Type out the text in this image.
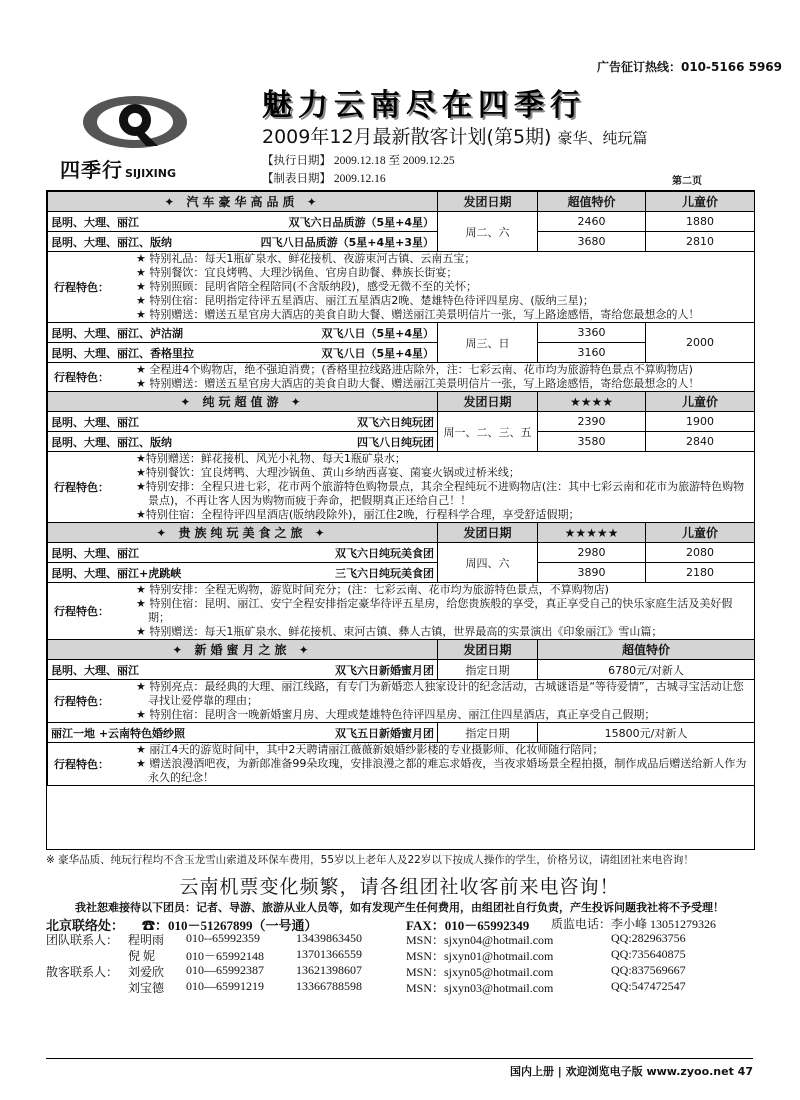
广告征订热线：010-5166 5969
四季行 SIJIXING
魅力云南尽在四季行
2009年12月最新散客计划(第5期) 豪华、纯玩篇
【执行日期】 2009.12.18 至 2009.12.25
【制表日期】 2009.12.16	第二页
✦ 汽车豪华高品质 ✦	发团日期	超值特价	儿童价
昆明、大理、丽江	双飞六日品质游（5星+4星）
	周二、六	2460	1880
昆明、大理、丽江、版纳	四飞八日品质游（5星+4星+3星）	3680	2810

行程特色：	
★ 特别礼品：每天1瓶矿泉水、鲜花接机、夜游束河古镇、云南五宝；
★ 特别餐饮：宜良烤鸭、大理沙锅鱼、官房自助餐、彝族长街宴；
★ 特别照顾：昆明省陪全程陪同(不含版纳段)，感受无微不至的关怀；
★ 特别住宿：昆明指定待评五星酒店、丽江五星酒店2晚、楚雄特色待评四星房、(版纳三星)；
★ 特别赠送：赠送五星官房大酒店的美食自助大餐、赠送丽江美景明信片一张，写上路途感悟，寄给您最想念的人！

昆明、大理、丽江、泸沽湖	双飞八日（5星+4星）
	周三、日	3360	2000
昆明、大理、丽江、香格里拉	双飞八日（5星+4星）	3160

行程特色：	
★ 全程进4个购物店，绝不强迫消费；(香格里拉线路进店除外，注：七彩云南、花市均为旅游特色景点不算购物店)
★ 特别赠送：赠送五星官房大酒店的美食自助大餐、赠送丽江美景明信片一张，写上路途感悟，寄给您最想念的人！

✦ 纯玩超值游 ✦	发团日期	★★★★	儿童价
昆明、大理、丽江	双飞六日纯玩团
	周一、二、三、五	2390	1900
昆明、大理、丽江、版纳	四飞八日纯玩团	3580	2840

行程特色：	
★特别赠送：鲜花接机、风光小礼物、每天1瓶矿泉水；
★特别餐饮：宜良烤鸭、大理沙锅鱼、黄山乡纳西喜宴、菌宴火锅或过桥米线；
★特别安排：全程只进七彩，花市两个旅游特色购物景点，其余全程纯玩不进购物店(注：其中七彩云南和花市为旅游特色购物景点)，不再让客人因为购物而疲于奔命，把假期真正还给自己！！
★特别住宿：全程待评四星酒店(版纳段除外)，丽江住2晚，行程科学合理，享受舒适假期；

✦ 贵族纯玩美食之旅 ✦	发团日期	★★★★★	儿童价
昆明、大理、丽江	双飞六日纯玩美食团
	周四、六	2980	2080
昆明、大理、丽江+虎跳峡	三飞六日纯玩美食团	3890	2180

行程特色：	
★ 特别安排：全程无购物，游览时间充分；(注：七彩云南、花市均为旅游特色景点，不算购物店)
★ 特别住宿：昆明、丽江、安宁全程安排指定豪华待评五星房，给您贵族般的享受，真正享受自己的快乐家庭生活及美好假期；
★ 特别赠送：每天1瓶矿泉水、鲜花接机、束河古镇、彝人古镇，世界最高的实景演出《印象丽江》雪山篇；

✦ 新婚蜜月之旅 ✦	发团日期	超值特价
昆明、大理、丽江	双飞六日新婚蜜月团	指定日期	6780元/对新人

行程特色：	
★ 特别亮点：最经典的大理、丽江线路，有专门为新婚恋人独家设计的纪念活动，古城谜语是“等待爱情”，古城寻宝活动让您寻找让爱停靠的理由；
★ 特别住宿：昆明含一晚新婚蜜月房、大理或楚雄特色待评四星房、丽江住四星酒店，真正享受自己假期；

丽江一地 +云南特色婚纱照	双飞五日新婚蜜月团	指定日期	15800元/对新人

行程特色：	
★ 丽江4天的游览时间中，其中2天聘请丽江薇薇新娘婚纱影楼的专业摄影师、化妆师随行陪同；
★ 赠送浪漫酒吧夜，为新郎准备99朵玫瑰，安排浪漫之都的难忘求婚夜，当夜求婚场景全程拍摄，制作成品后赠送给新人作为永久的纪念！
※ 豪华品质、纯玩行程均不含玉龙雪山索道及环保车费用，55岁以上老年人及22岁以下按成人操作的学生，价格另议，请组团社来电咨询！
云南机票变化频繁，请各组团社收客前来电咨询！
我社恕难接待以下团员：记者、导游、旅游从业人员等，如有发现产生任何费用，由组团社自行负责，产生投诉问题我社将不予受理！
北京联络处： ☎：010－51267899（一号通）	FAX：010－65992349 质监电话： 李小峰 13051279326
团队联系人： 程明雨 010--65992359	13439863450	MSN：sjxyn04@hotmail.com	QQ:282963756
倪 妮	010－65992148	13701366559	MSN：sjxyn01@hotmail.com	QQ:735640875
散客联系人： 刘爱欣 010—65992387	13621398607	MSN：sjxyn05@hotmail.com	QQ:837569667
刘宝德 010—65991219	13366788598	MSN：sjxyn03@hotmail.com	QQ:547472547
国内上册 | 欢迎浏览电子版 www.zyoo.net 47
